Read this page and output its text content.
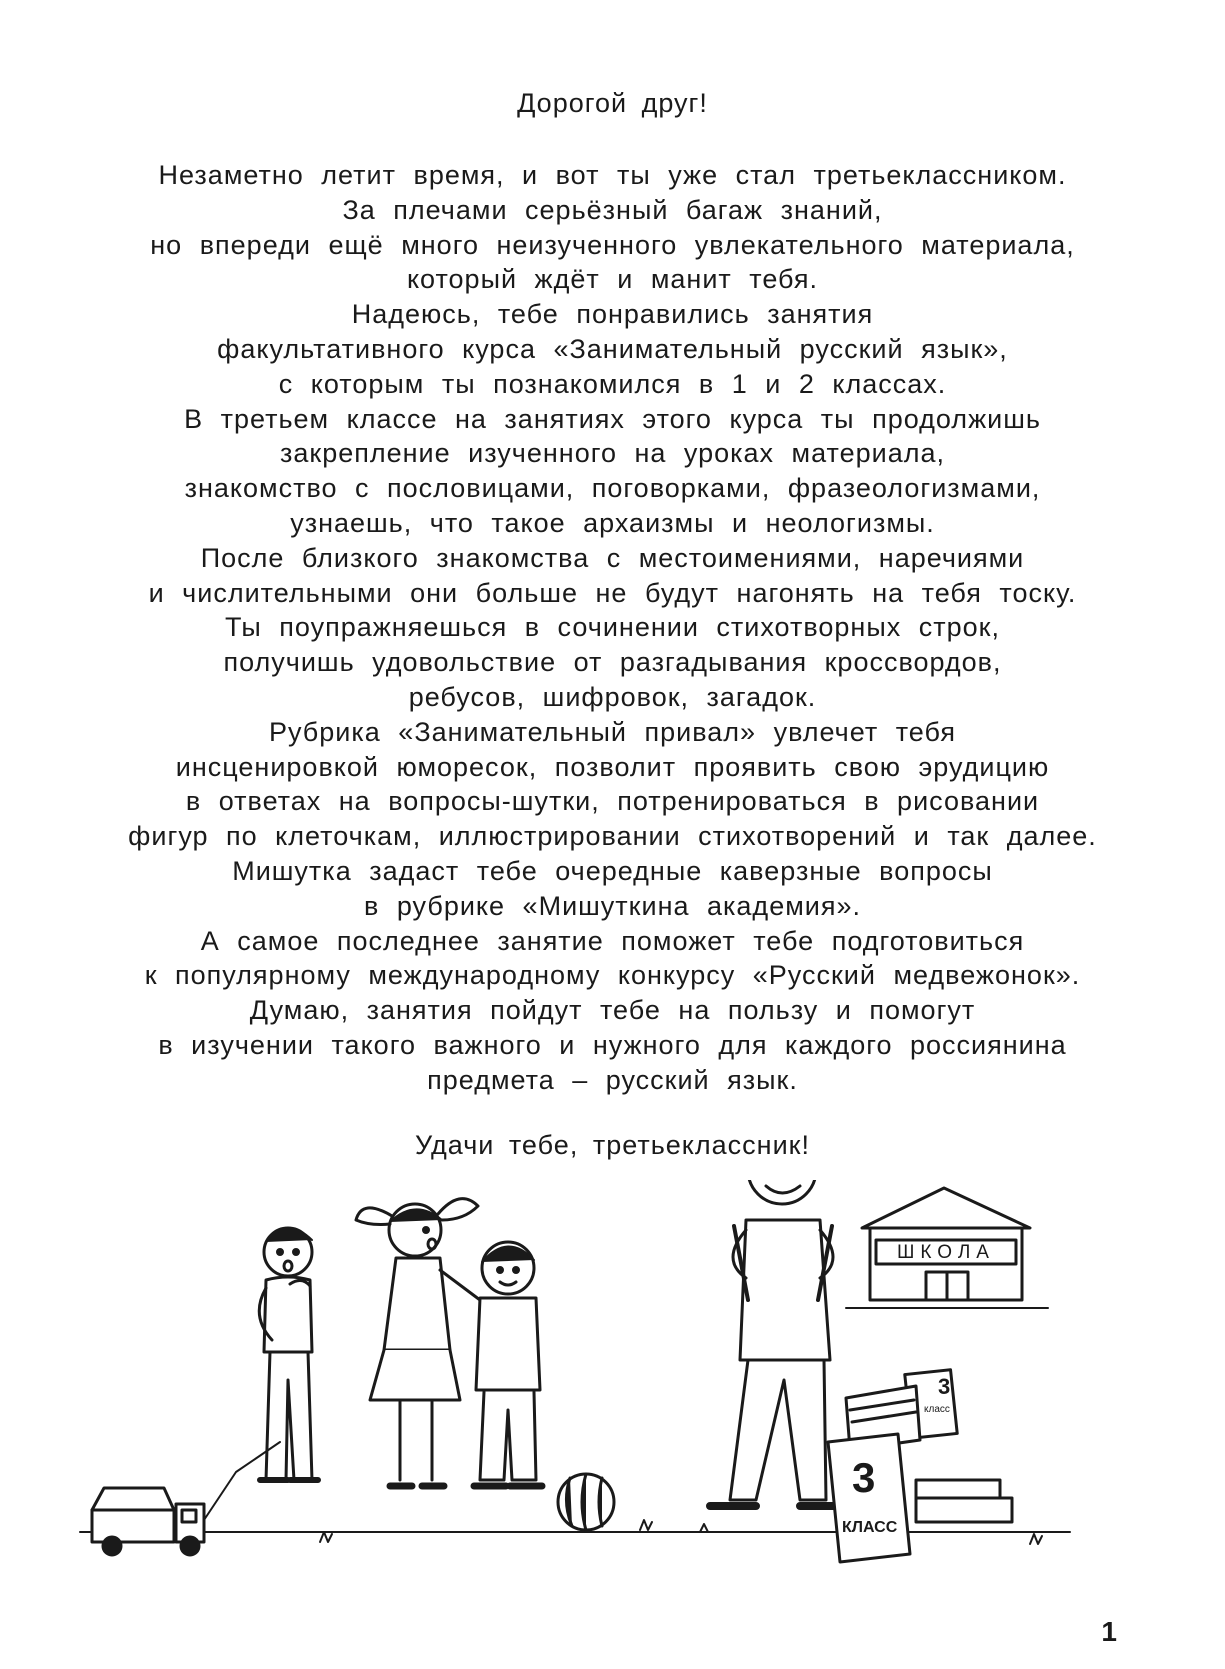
Дорогой друг!
Незаметно летит время, и вот ты уже стал третьеклассником.
За плечами серьёзный багаж знаний,
но впереди ещё много неизученного увлекательного материала,
который ждёт и манит тебя.
Надеюсь, тебе понравились занятия
факультативного курса «Занимательный русский язык»,
с которым ты познакомился в 1 и 2 классах.
В третьем классе на занятиях этого курса ты продолжишь
закрепление изученного на уроках материала,
знакомство с пословицами, поговорками, фразеологизмами,
узнаешь, что такое архаизмы и неологизмы.
После близкого знакомства с местоимениями, наречиями
и числительными они больше не будут нагонять на тебя тоску.
Ты поупражняешься в сочинении стихотворных строк,
получишь удовольствие от разгадывания кроссвордов,
ребусов, шифровок, загадок.
Рубрика «Занимательный привал» увлечет тебя
инсценировкой юморесок, позволит проявить свою эрудицию
в ответах на вопросы-шутки, потренироваться в рисовании
фигур по клеточкам, иллюстрировании стихотворений и так далее.
Мишутка задаст тебе очередные каверзные вопросы
в рубрике «Мишуткина академия».
А самое последнее занятие поможет тебе подготовиться
к популярному международному конкурсу «Русский медвежонок».
Думаю, занятия пойдут тебе на пользу и помогут
в изучении такого важного и нужного для каждого россиянина
предмета – русский язык.
Удачи тебе, третьеклассник!
ШКОЛА
3
класс
3
КЛАСС
1
